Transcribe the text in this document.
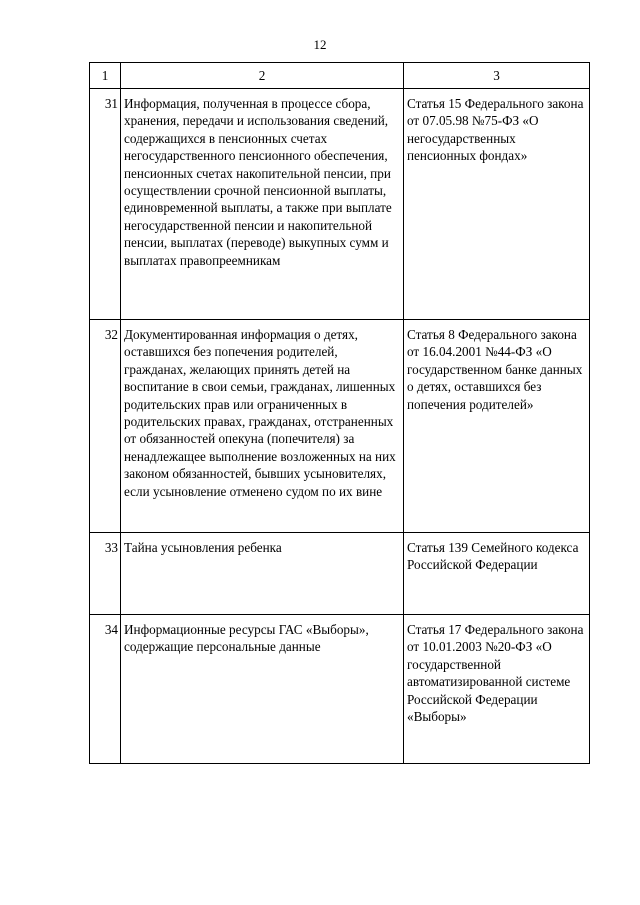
12
1	2	3

31	Информация, полученная в процессе сбора, хранения, передачи и использования сведений, содержащихся в пенсионных счетах негосударственного пенсионного обеспечения, пенсионных счетах накопительной пенсии, при осуществлении срочной пенсионной выплаты, единовременной выплаты, а также при выплате негосударственной пенсии и накопительной пенсии, выплатах (переводе) выкупных сумм и выплатах правопреемникам	Статья 15 Федерального закона от 07.05.98 №75-ФЗ «О негосударственных пенсионных фондах»

32	Документированная информация о детях, оставшихся без попечения родителей, гражданах, желающих принять детей на воспитание в свои семьи, гражданах, лишенных родительских прав или ограниченных в родительских правах, гражданах, отстраненных от обязанностей опекуна (попечителя) за ненадлежащее выполнение возложенных на них законом обязанностей, бывших усыновителях, если усыновление отменено судом по их вине	Статья 8 Федерального закона от 16.04.2001 №44-ФЗ «О государственном банке данных о детях, оставшихся без попечения родителей»

33	Тайна усыновления ребенка	Статья 139 Семейного кодекса Российской Федерации

34	Информационные ресурсы ГАС «Выборы», содержащие персональные данные	Статья 17 Федерального закона от 10.01.2003 №20-ФЗ «О государственной автоматизированной системе Российской Федерации «Выборы»
